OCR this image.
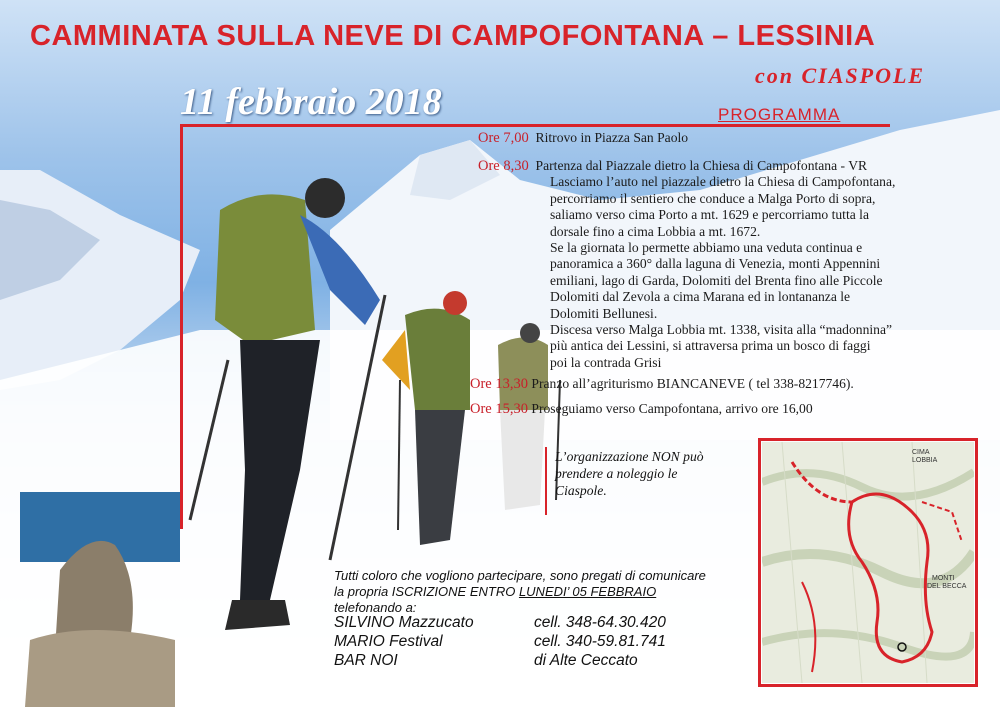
CAMMINATA SULLA NEVE DI CAMPOFONTANA – LESSINIA
con CIASPOLE
11 febbraio 2018	PROGRAMMA
Ore 7,00 Ritrovo in Piazza San Paolo
Ore 8,30 Partenza dal Piazzale dietro la Chiesa di Campofontana - VR
Lasciamo l’auto nel piazzale dietro la Chiesa di Campofontana,
percorriamo il sentiero che conduce a Malga Porto di sopra,
saliamo verso cima Porto a mt. 1629 e percorriamo tutta la
dorsale fino a cima Lobbia a mt. 1672.
Se la giornata lo permette abbiamo una veduta continua e
panoramica a 360° dalla laguna di Venezia, monti Appennini
emiliani, lago di Garda, Dolomiti del Brenta fino alle Piccole
Dolomiti dal Zevola a cima Marana ed in lontananza le
Dolomiti Bellunesi.
Discesa verso Malga Lobbia mt. 1338, visita alla “madonnina”
più antica dei Lessini, si attraversa prima un bosco di faggi
poi la contrada Grisi
Ore 13,30 Pranzo all’agriturismo BIANCANEVE ( tel 338-8217746).
Ore 15,30 Proseguiamo verso Campofontana, arrivo ore 16,00
L’organizzazione NON può
prendere a noleggio le
Ciaspole.
Tutti coloro che vogliono partecipare, sono pregati di comunicare
la propria ISCRIZIONE ENTRO LUNEDI’ 05 FEBBRAIO
telefonando a:
SILVINO Mazzucato	cell. 348-64.30.420
MARIO Festival	cell. 340-59.81.741
BAR NOI	di Alte Ceccato
CIMA
LOBBIA
MONTI
DEL BECCA
